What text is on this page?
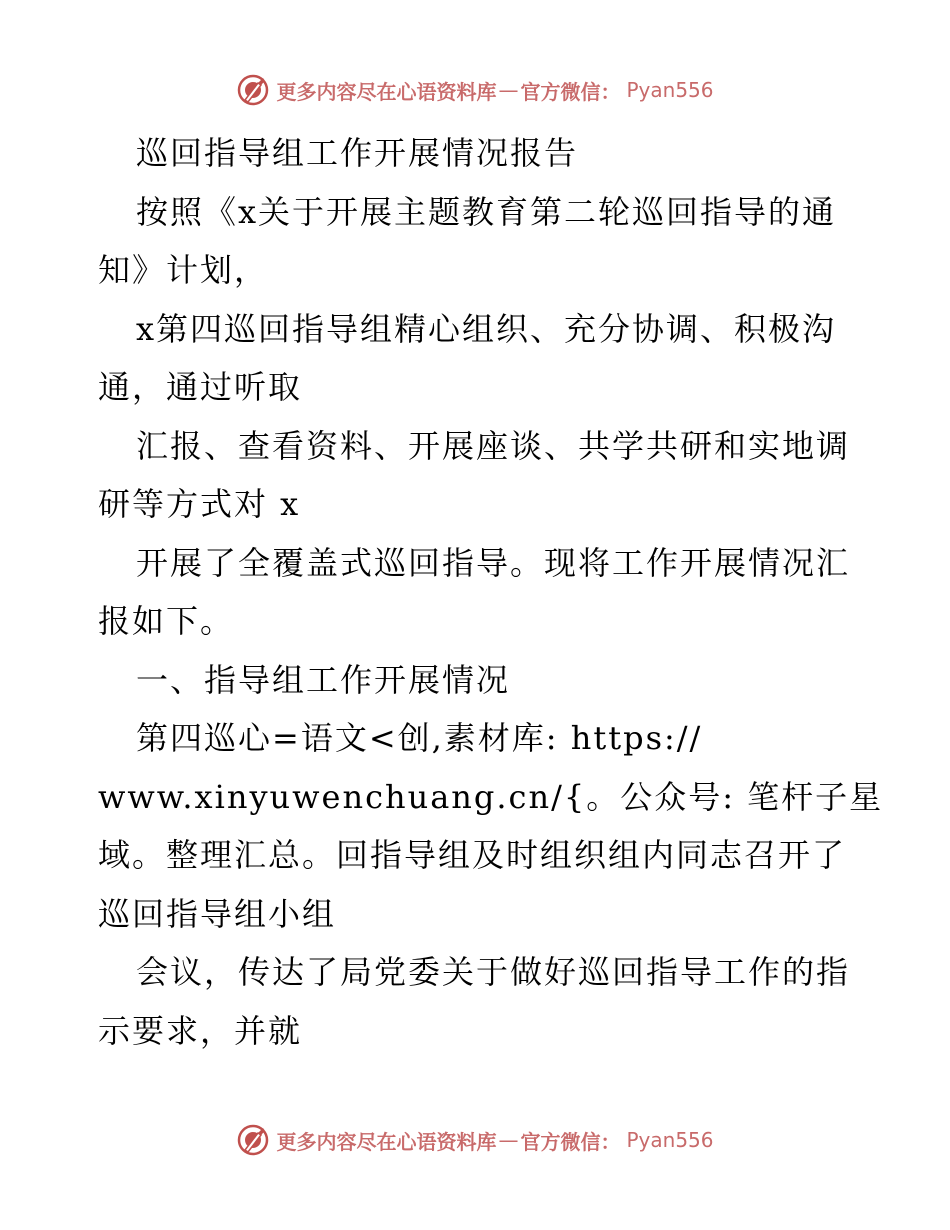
更多内容尽在心语资料库 — 官方微信： Pyan556
巡回指导组工作开展情况报告
按照《x关于开展主题教育第二轮巡回指导的通
知》计划，
x第四巡回指导组精心组织、充分协调、积极沟
通，通过听取
汇报、查看资料、开展座谈、共学共研和实地调
研等方式对 x
开展了全覆盖式巡回指导。现将工作开展情况汇
报如下。
一、指导组工作开展情况
第四巡心=语文<创,素材库: https://
www.xinyuwenchuang.cn/{。公众号: 笔杆子星
域。整理汇总。回指导组及时组织组内同志召开了
巡回指导组小组
会议，传达了局党委关于做好巡回指导工作的指
示要求，并就
更多内容尽在心语资料库 — 官方微信： Pyan556
